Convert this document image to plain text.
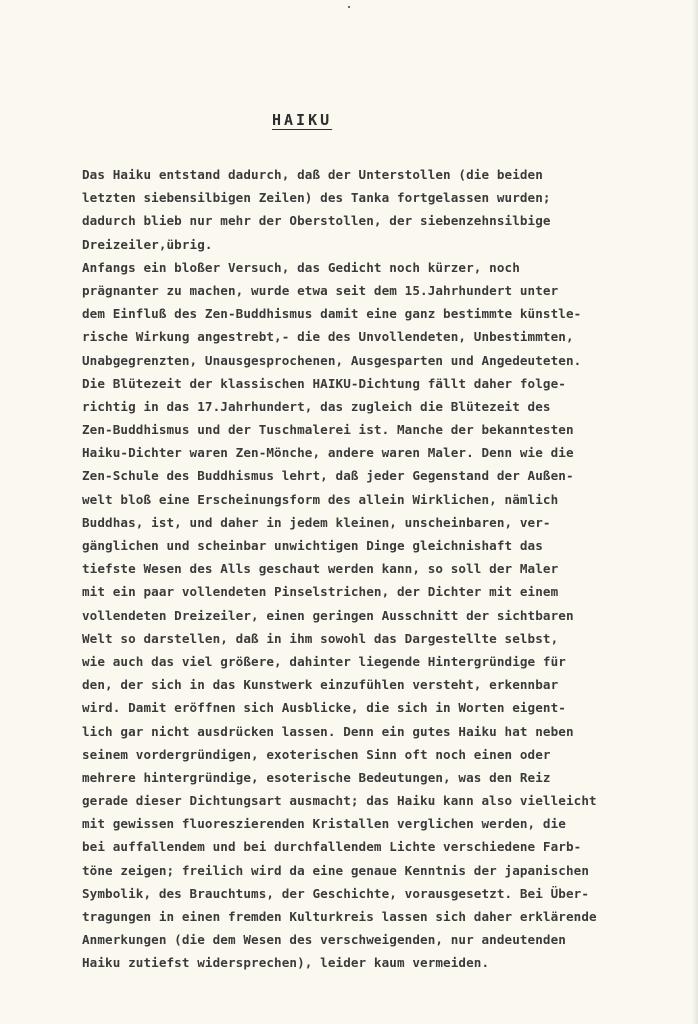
HAIKU

Das Haiku entstand dadurch, daß der Unterstollen (die beiden

letzten siebensilbigen Zeilen) des Tanka fortgelassen wurden;

dadurch blieb nur mehr der Oberstollen, der siebenzehnsilbige

Dreizeiler,übrig.

Anfangs ein bloßer Versuch, das Gedicht noch kürzer, noch

prägnanter zu machen, wurde etwa seit dem 15.Jahrhundert unter

dem Einfluß des Zen-Buddhismus damit eine ganz bestimmte künstle-

rische Wirkung angestrebt,- die des Unvollendeten, Unbestimmten,

Unabgegrenzten, Unausgesprochenen, Ausgesparten und Angedeuteten.

Die Blütezeit der klassischen HAIKU-Dichtung fällt daher folge-

richtig in das 17.Jahrhundert, das zugleich die Blütezeit des

Zen-Buddhismus und der Tuschmalerei ist. Manche der bekanntesten

Haiku-Dichter waren Zen-Mönche, andere waren Maler. Denn wie die

Zen-Schule des Buddhismus lehrt, daß jeder Gegenstand der Außen-

welt bloß eine Erscheinungsform des allein Wirklichen, nämlich

Buddhas, ist, und daher in jedem kleinen, unscheinbaren, ver-

gänglichen und scheinbar unwichtigen Dinge gleichnishaft das

tiefste Wesen des Alls geschaut werden kann, so soll der Maler

mit ein paar vollendeten Pinselstrichen, der Dichter mit einem

vollendeten Dreizeiler, einen geringen Ausschnitt der sichtbaren

Welt so darstellen, daß in ihm sowohl das Dargestellte selbst,

wie auch das viel größere, dahinter liegende Hintergründige für

den, der sich in das Kunstwerk einzufühlen versteht, erkennbar

wird. Damit eröffnen sich Ausblicke, die sich in Worten eigent-

lich gar nicht ausdrücken lassen. Denn ein gutes Haiku hat neben

seinem vordergründigen, exoterischen Sinn oft noch einen oder

mehrere hintergründige, esoterische Bedeutungen, was den Reiz

gerade dieser Dichtungsart ausmacht; das Haiku kann also vielleicht

mit gewissen fluoreszierenden Kristallen verglichen werden, die

bei auffallendem und bei durchfallendem Lichte verschiedene Farb-

töne zeigen; freilich wird da eine genaue Kenntnis der japanischen

Symbolik, des Brauchtums, der Geschichte, vorausgesetzt. Bei Über-

tragungen in einen fremden Kulturkreis lassen sich daher erklärende

Anmerkungen (die dem Wesen des verschweigenden, nur andeutenden

Haiku zutiefst widersprechen), leider kaum vermeiden.
